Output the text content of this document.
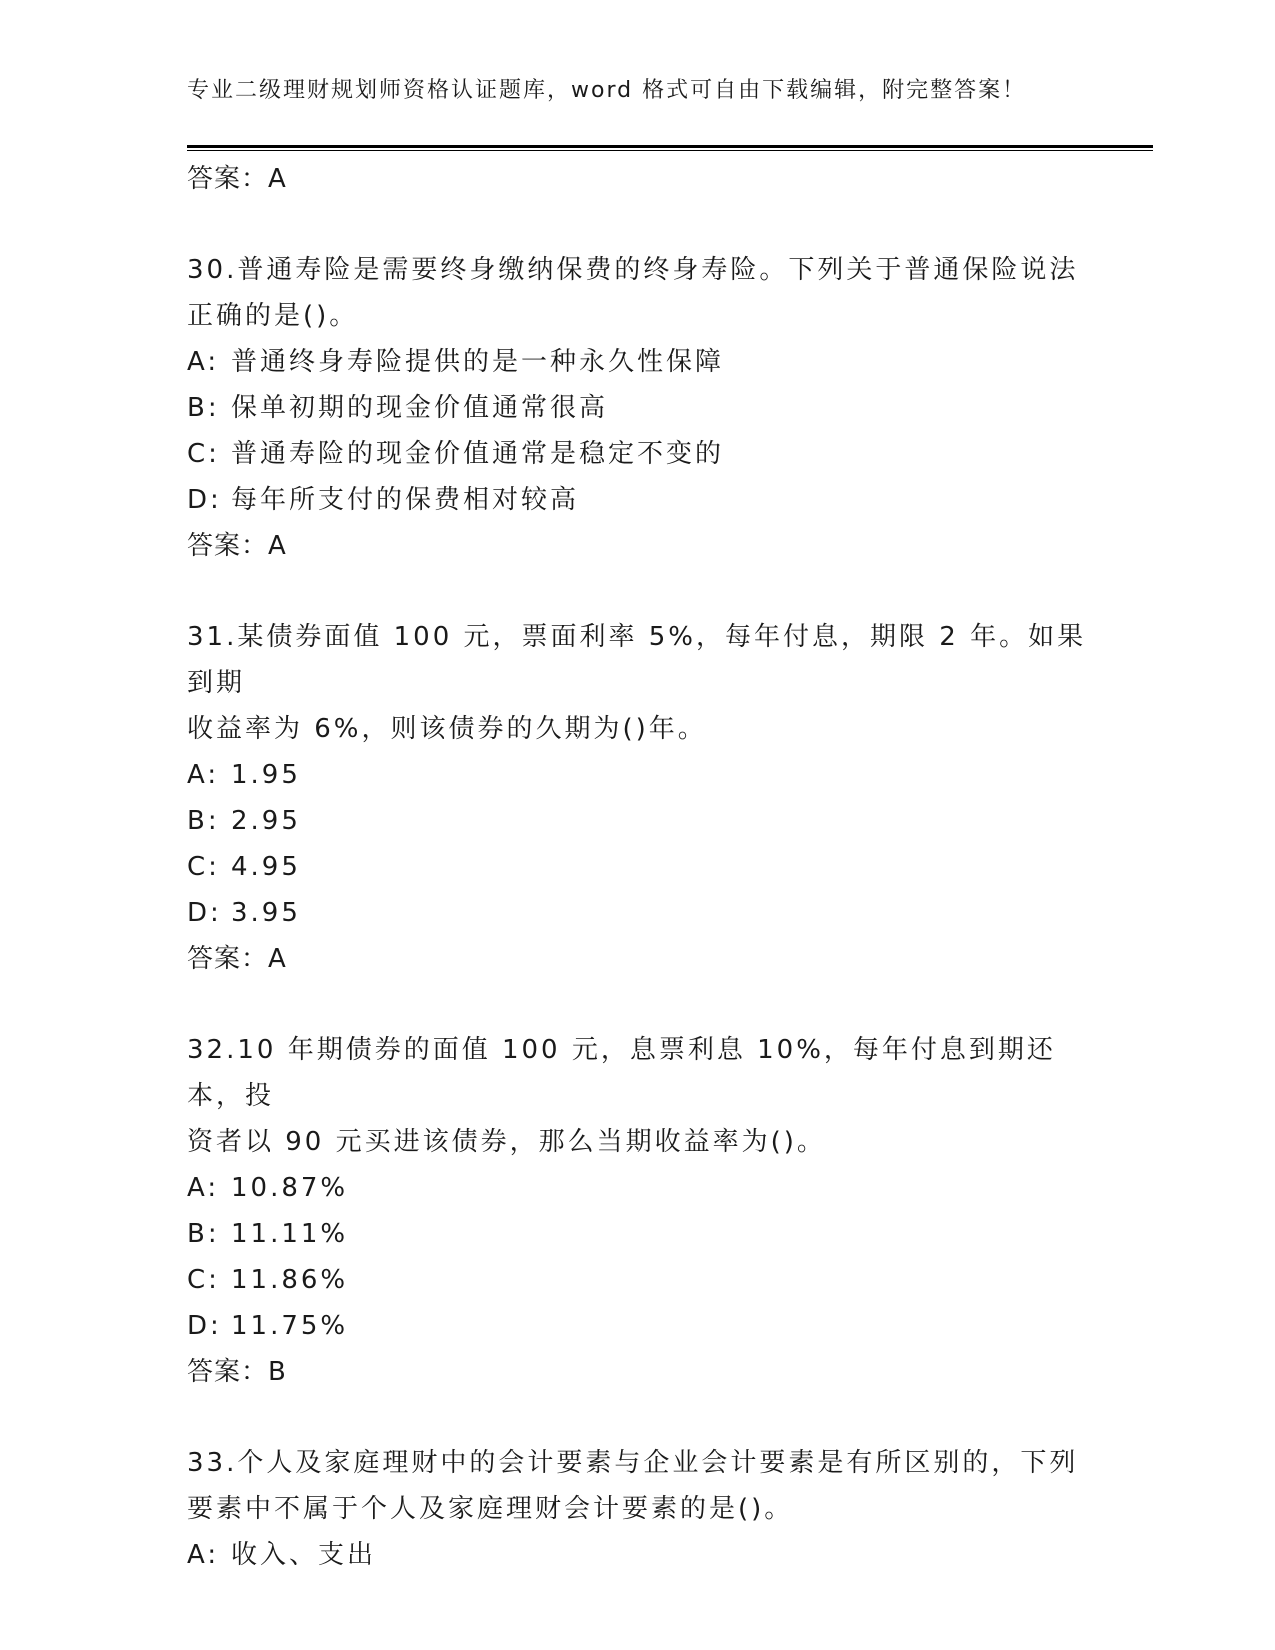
专业二级理财规划师资格认证题库，word 格式可自由下载编辑，附完整答案！
答案：A
30.普通寿险是需要终身缴纳保费的终身寿险。下列关于普通保险说法
正确的是()。
A: 普通终身寿险提供的是一种永久性保障
B: 保单初期的现金价值通常很高
C: 普通寿险的现金价值通常是稳定不变的
D: 每年所支付的保费相对较高
答案：A
31.某债券面值 100 元，票面利率 5%，每年付息，期限 2 年。如果到期
收益率为 6%，则该债券的久期为()年。
A: 1.95
B: 2.95
C: 4.95
D: 3.95
答案：A
32.10 年期债券的面值 100 元，息票利息 10%，每年付息到期还本，投
资者以 90 元买进该债券，那么当期收益率为()。
A: 10.87%
B: 11.11%
C: 11.86%
D: 11.75%
答案：B
33.个人及家庭理财中的会计要素与企业会计要素是有所区别的，下列
要素中不属于个人及家庭理财会计要素的是()。
A: 收入、支出
